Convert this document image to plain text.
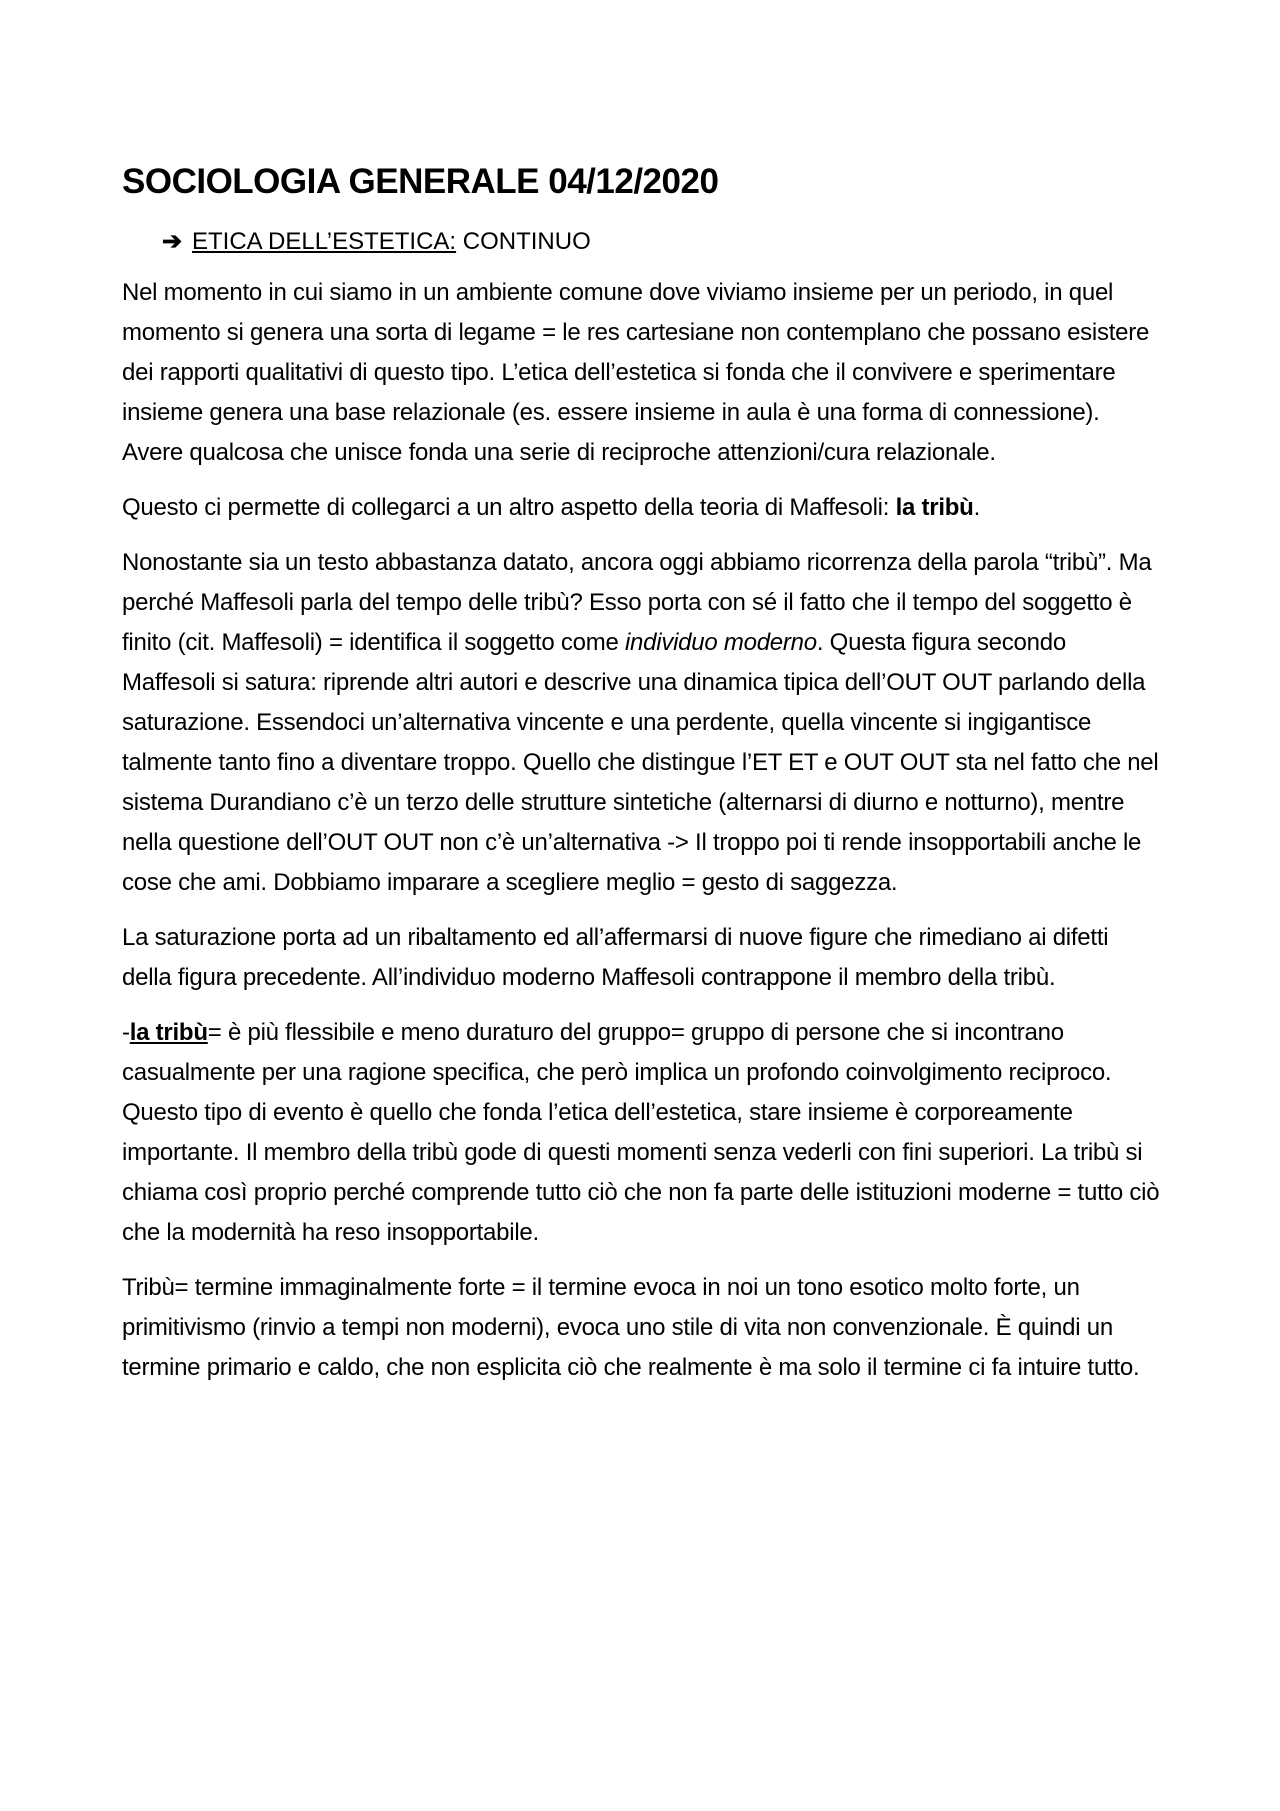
SOCIOLOGIA GENERALE 04/12/2020
➔ ETICA DELL’ESTETICA: CONTINUO

Nel momento in cui siamo in un ambiente comune dove viviamo insieme per un periodo, in quel momento si genera una sorta di legame = le res cartesiane non contemplano che possano esistere dei rapporti qualitativi di questo tipo. L’etica dell’estetica si fonda che il convivere e sperimentare insieme genera una base relazionale (es. essere insieme in aula è una forma di connessione). Avere qualcosa che unisce fonda una serie di reciproche attenzioni/cura relazionale.

Questo ci permette di collegarci a un altro aspetto della teoria di Maffesoli: la tribù.

Nonostante sia un testo abbastanza datato, ancora oggi abbiamo ricorrenza della parola “tribù”. Ma perché Maffesoli parla del tempo delle tribù? Esso porta con sé il fatto che il tempo del soggetto è finito (cit. Maffesoli) = identifica il soggetto come individuo moderno. Questa figura secondo Maffesoli si satura: riprende altri autori e descrive una dinamica tipica dell’OUT OUT parlando della saturazione. Essendoci un’alternativa vincente e una perdente, quella vincente si ingigantisce talmente tanto fino a diventare troppo. Quello che distingue l’ET ET e OUT OUT sta nel fatto che nel sistema Durandiano c’è un terzo delle strutture sintetiche (alternarsi di diurno e notturno), mentre nella questione dell’OUT OUT non c’è un’alternativa -> Il troppo poi ti rende insopportabili anche le cose che ami. Dobbiamo imparare a scegliere meglio = gesto di saggezza.

La saturazione porta ad un ribaltamento ed all’affermarsi di nuove figure che rimediano ai difetti della figura precedente. All’individuo moderno Maffesoli contrappone il membro della tribù.

-la tribù= è più flessibile e meno duraturo del gruppo= gruppo di persone che si incontrano casualmente per una ragione specifica, che però implica un profondo coinvolgimento reciproco. Questo tipo di evento è quello che fonda l’etica dell’estetica, stare insieme è corporeamente importante. Il membro della tribù gode di questi momenti senza vederli con fini superiori. La tribù si chiama così proprio perché comprende tutto ciò che non fa parte delle istituzioni moderne = tutto ciò che la modernità ha reso insopportabile.

Tribù= termine immaginalmente forte = il termine evoca in noi un tono esotico molto forte, un primitivismo (rinvio a tempi non moderni), evoca uno stile di vita non convenzionale. È quindi un termine primario e caldo, che non esplicita ciò che realmente è ma solo il termine ci fa intuire tutto.
